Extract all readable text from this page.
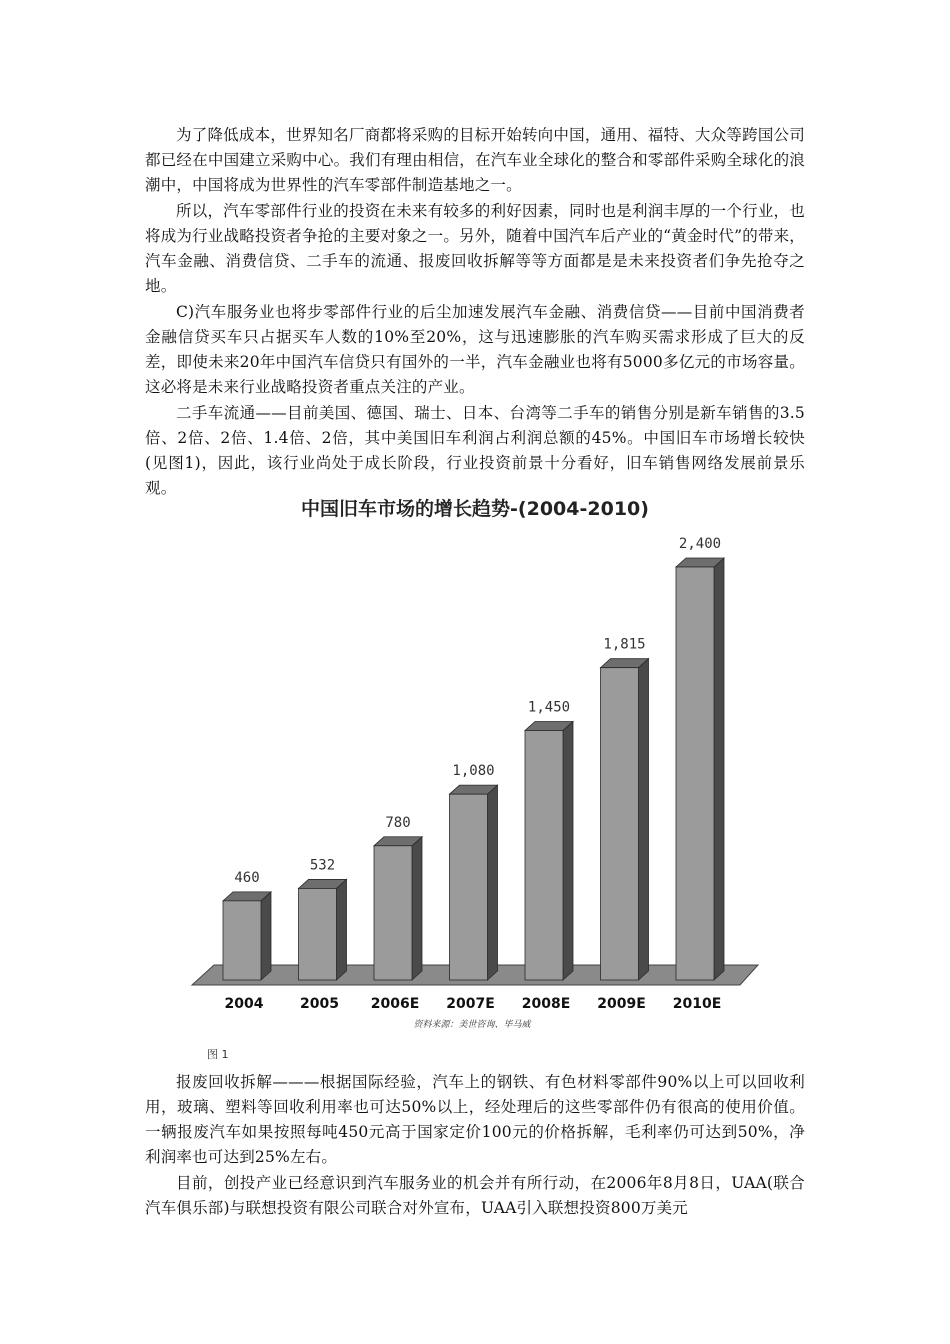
为了降低成本，世界知名厂商都将采购的目标开始转向中国，通用、福特、大众等跨国公司都已经在中国建立采购中心。我们有理由相信，在汽车业全球化的整合和零部件采购全球化的浪潮中，中国将成为世界性的汽车零部件制造基地之一。

所以，汽车零部件行业的投资在未来有较多的利好因素，同时也是利润丰厚的一个行业，也将成为行业战略投资者争抢的主要对象之一。另外，随着中国汽车后产业的“黄金时代”的带来，汽车金融、消费信贷、二手车的流通、报废回收拆解等等方面都是是未来投资者们争先抢夺之地。

C)汽车服务业也将步零部件行业的后尘加速发展汽车金融、消费信贷——目前中国消费者金融信贷买车只占据买车人数的10%至20%，这与迅速膨胀的汽车购买需求形成了巨大的反差，即使未来20年中国汽车信贷只有国外的一半，汽车金融业也将有5000多亿元的市场容量。这必将是未来行业战略投资者重点关注的产业。

二手车流通——目前美国、德国、瑞士、日本、台湾等二手车的销售分别是新车销售的3.5倍、2倍、2倍、1.4倍、2倍，其中美国旧车利润占利润总额的45%。中国旧车市场增长较快(见图1)，因此，该行业尚处于成长阶段，行业投资前景十分看好，旧车销售网络发展前景乐观。

中国旧车市场的增长趋势-(2004-2010)
460
2004
532
2005
780
2006E
1,080
2007E
1,450
2008E
1,815
2009E
2,400
2010E
资料来源：美世咨询、毕马威

图 1

报废回收拆解———根据国际经验，汽车上的钢铁、有色材料零部件90%以上可以回收利用，玻璃、塑料等回收利用率也可达50%以上，经处理后的这些零部件仍有很高的使用价值。一辆报废汽车如果按照每吨450元高于国家定价100元的价格拆解，毛利率仍可达到50%，净利润率也可达到25%左右。

目前，创投产业已经意识到汽车服务业的机会并有所行动，在2006年8月8日，UAA(联合汽车俱乐部)与联想投资有限公司联合对外宣布，UAA引入联想投资800万美元
